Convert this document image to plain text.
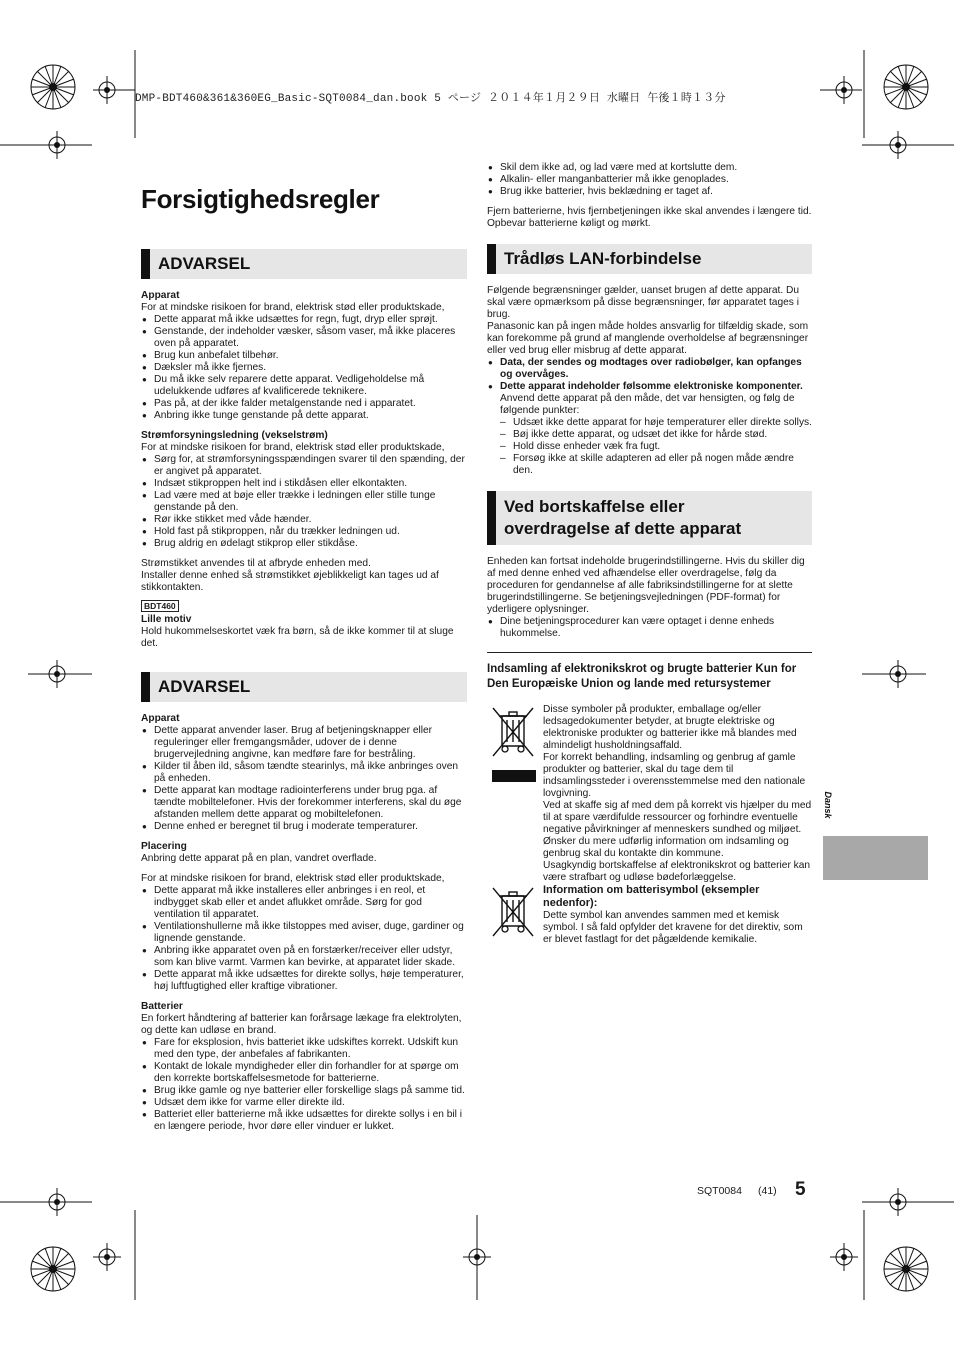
DMP-BDT460&361&360EG_Basic-SQT0084_dan.book 5 ページ ２０１４年１月２９日 水曜日 午後１時１３分
Forsigtighedsregler
ADVARSEL

Apparat

For at mindske risikoen for brand, elektrisk stød eller produktskade,

● Dette apparat må ikke udsættes for regn, fugt, dryp eller sprøjt.
● Genstande, der indeholder væsker, såsom vaser, må ikke placeres oven på apparatet.
● Brug kun anbefalet tilbehør.
● Dæksler må ikke fjernes.
● Du må ikke selv reparere dette apparat. Vedligeholdelse må udelukkende udføres af kvalificerede teknikere.
● Pas på, at der ikke falder metalgenstande ned i apparatet.
● Anbring ikke tunge genstande på dette apparat.

Strømforsyningsledning (vekselstrøm)

For at mindske risikoen for brand, elektrisk stød eller produktskade,

● Sørg for, at strømforsyningsspændingen svarer til den spænding, der er angivet på apparatet.
● Indsæt stikproppen helt ind i stikdåsen eller elkontakten.
● Lad være med at bøje eller trække i ledningen eller stille tunge genstande på den.
● Rør ikke stikket med våde hænder.
● Hold fast på stikproppen, når du trækker ledningen ud.
● Brug aldrig en ødelagt stikprop eller stikdåse.

Strømstikket anvendes til at afbryde enheden med.

Installer denne enhed så strømstikket øjeblikkeligt kan tages ud af stikkontakten.

BDT460

Lille motiv

Hold hukommelseskortet væk fra børn, så de ikke kommer til at sluge det.

ADVARSEL

Apparat

● Dette apparat anvender laser. Brug af betjeningsknapper eller reguleringer eller fremgangsmåder, udover de i denne brugervejledning angivne, kan medføre fare for bestråling.
● Kilder til åben ild, såsom tændte stearinlys, må ikke anbringes oven på enheden.
● Dette apparat kan modtage radiointerferens under brug pga. af tændte mobiltelefoner. Hvis der forekommer interferens, skal du øge afstanden mellem dette apparat og mobiltelefonen.
● Denne enhed er beregnet til brug i moderate temperaturer.

Placering

Anbring dette apparat på en plan, vandret overflade.

For at mindske risikoen for brand, elektrisk stød eller produktskade,

● Dette apparat må ikke installeres eller anbringes i en reol, et indbygget skab eller et andet aflukket område. Sørg for god ventilation til apparatet.
● Ventilationshullerne må ikke tilstoppes med aviser, duge, gardiner og lignende genstande.
● Anbring ikke apparatet oven på en forstærker/receiver eller udstyr, som kan blive varmt. Varmen kan bevirke, at apparatet lider skade.
● Dette apparat må ikke udsættes for direkte sollys, høje temperaturer, høj luftfugtighed eller kraftige vibrationer.

Batterier

En forkert håndtering af batterier kan forårsage lækage fra elektrolyten, og dette kan udløse en brand.

● Fare for eksplosion, hvis batteriet ikke udskiftes korrekt. Udskift kun med den type, der anbefales af fabrikanten.
● Kontakt de lokale myndigheder eller din forhandler for at spørge om den korrekte bortskaffelsesmetode for batterierne.
● Brug ikke gamle og nye batterier eller forskellige slags på samme tid.
● Udsæt dem ikke for varme eller direkte ild.
● Batteriet eller batterierne må ikke udsættes for direkte sollys i en bil i en længere periode, hvor døre eller vinduer er lukket.
● Skil dem ikke ad, og lad være med at kortslutte dem.
● Alkalin- eller manganbatterier må ikke genoplades.
● Brug ikke batterier, hvis beklædning er taget af.

Fjern batterierne, hvis fjernbetjeningen ikke skal anvendes i længere tid. Opbevar batterierne køligt og mørkt.

Trådløs LAN-forbindelse

Følgende begrænsninger gælder, uanset brugen af dette apparat. Du skal være opmærksom på disse begrænsninger, før apparatet tages i brug.

Panasonic kan på ingen måde holdes ansvarlig for tilfældig skade, som kan forekomme på grund af manglende overholdelse af begrænsninger eller ved brug eller misbrug af dette apparat.

● Data, der sendes og modtages over radiobølger, kan opfanges og overvåges.
● Dette apparat indeholder følsomme elektroniske komponenter.

Anvend dette apparat på den måde, det var hensigten, og følg de følgende punkter:

– Udsæt ikke dette apparat for høje temperaturer eller direkte sollys.
– Bøj ikke dette apparat, og udsæt det ikke for hårde stød.
– Hold disse enheder væk fra fugt.
– Forsøg ikke at skille adapteren ad eller på nogen måde ændre den.
Ved bortskaffelse eller
overdragelse af dette apparat

Enheden kan fortsat indeholde brugerindstillingerne. Hvis du skiller dig af med denne enhed ved afhændelse eller overdragelse, følg da proceduren for gendannelse af alle fabriksindstillingerne for at slette brugerindstillingerne. Se betjeningsvejledningen (PDF-format) for yderligere oplysninger.

● Dine betjeningsprocedurer kan være optaget i denne enheds hukommelse.

Indsamling af elektronikskrot og brugte batterier Kun for Den Europæiske Union og lande med retursystemer

Disse symboler på produkter, emballage og/eller ledsagedokumenter betyder, at brugte elektriske og elektroniske produkter og batterier ikke må blandes med almindeligt husholdningsaffald.

For korrekt behandling, indsamling og genbrug af gamle produkter og batterier, skal du tage dem til indsamlingssteder i overensstemmelse med den nationale lovgivning.

Ved at skaffe sig af med dem på korrekt vis hjælper du med til at spare værdifulde ressourcer og forhindre eventuelle negative påvirkninger af menneskers sundhed og miljøet.

Ønsker du mere udførlig information om indsamling og genbrug skal du kontakte din kommune.

Usagkyndig bortskaffelse af elektronikskrot og batterier kan være strafbart og udløse bødeforlæggelse.

Information om batterisymbol (eksempler nedenfor):

Dette symbol kan anvendes sammen med et kemisk symbol. I så fald opfylder det kravene for det direktiv, som er blevet fastlagt for det pågældende kemikalie.

Dansk
SQT0084 (41) 5
